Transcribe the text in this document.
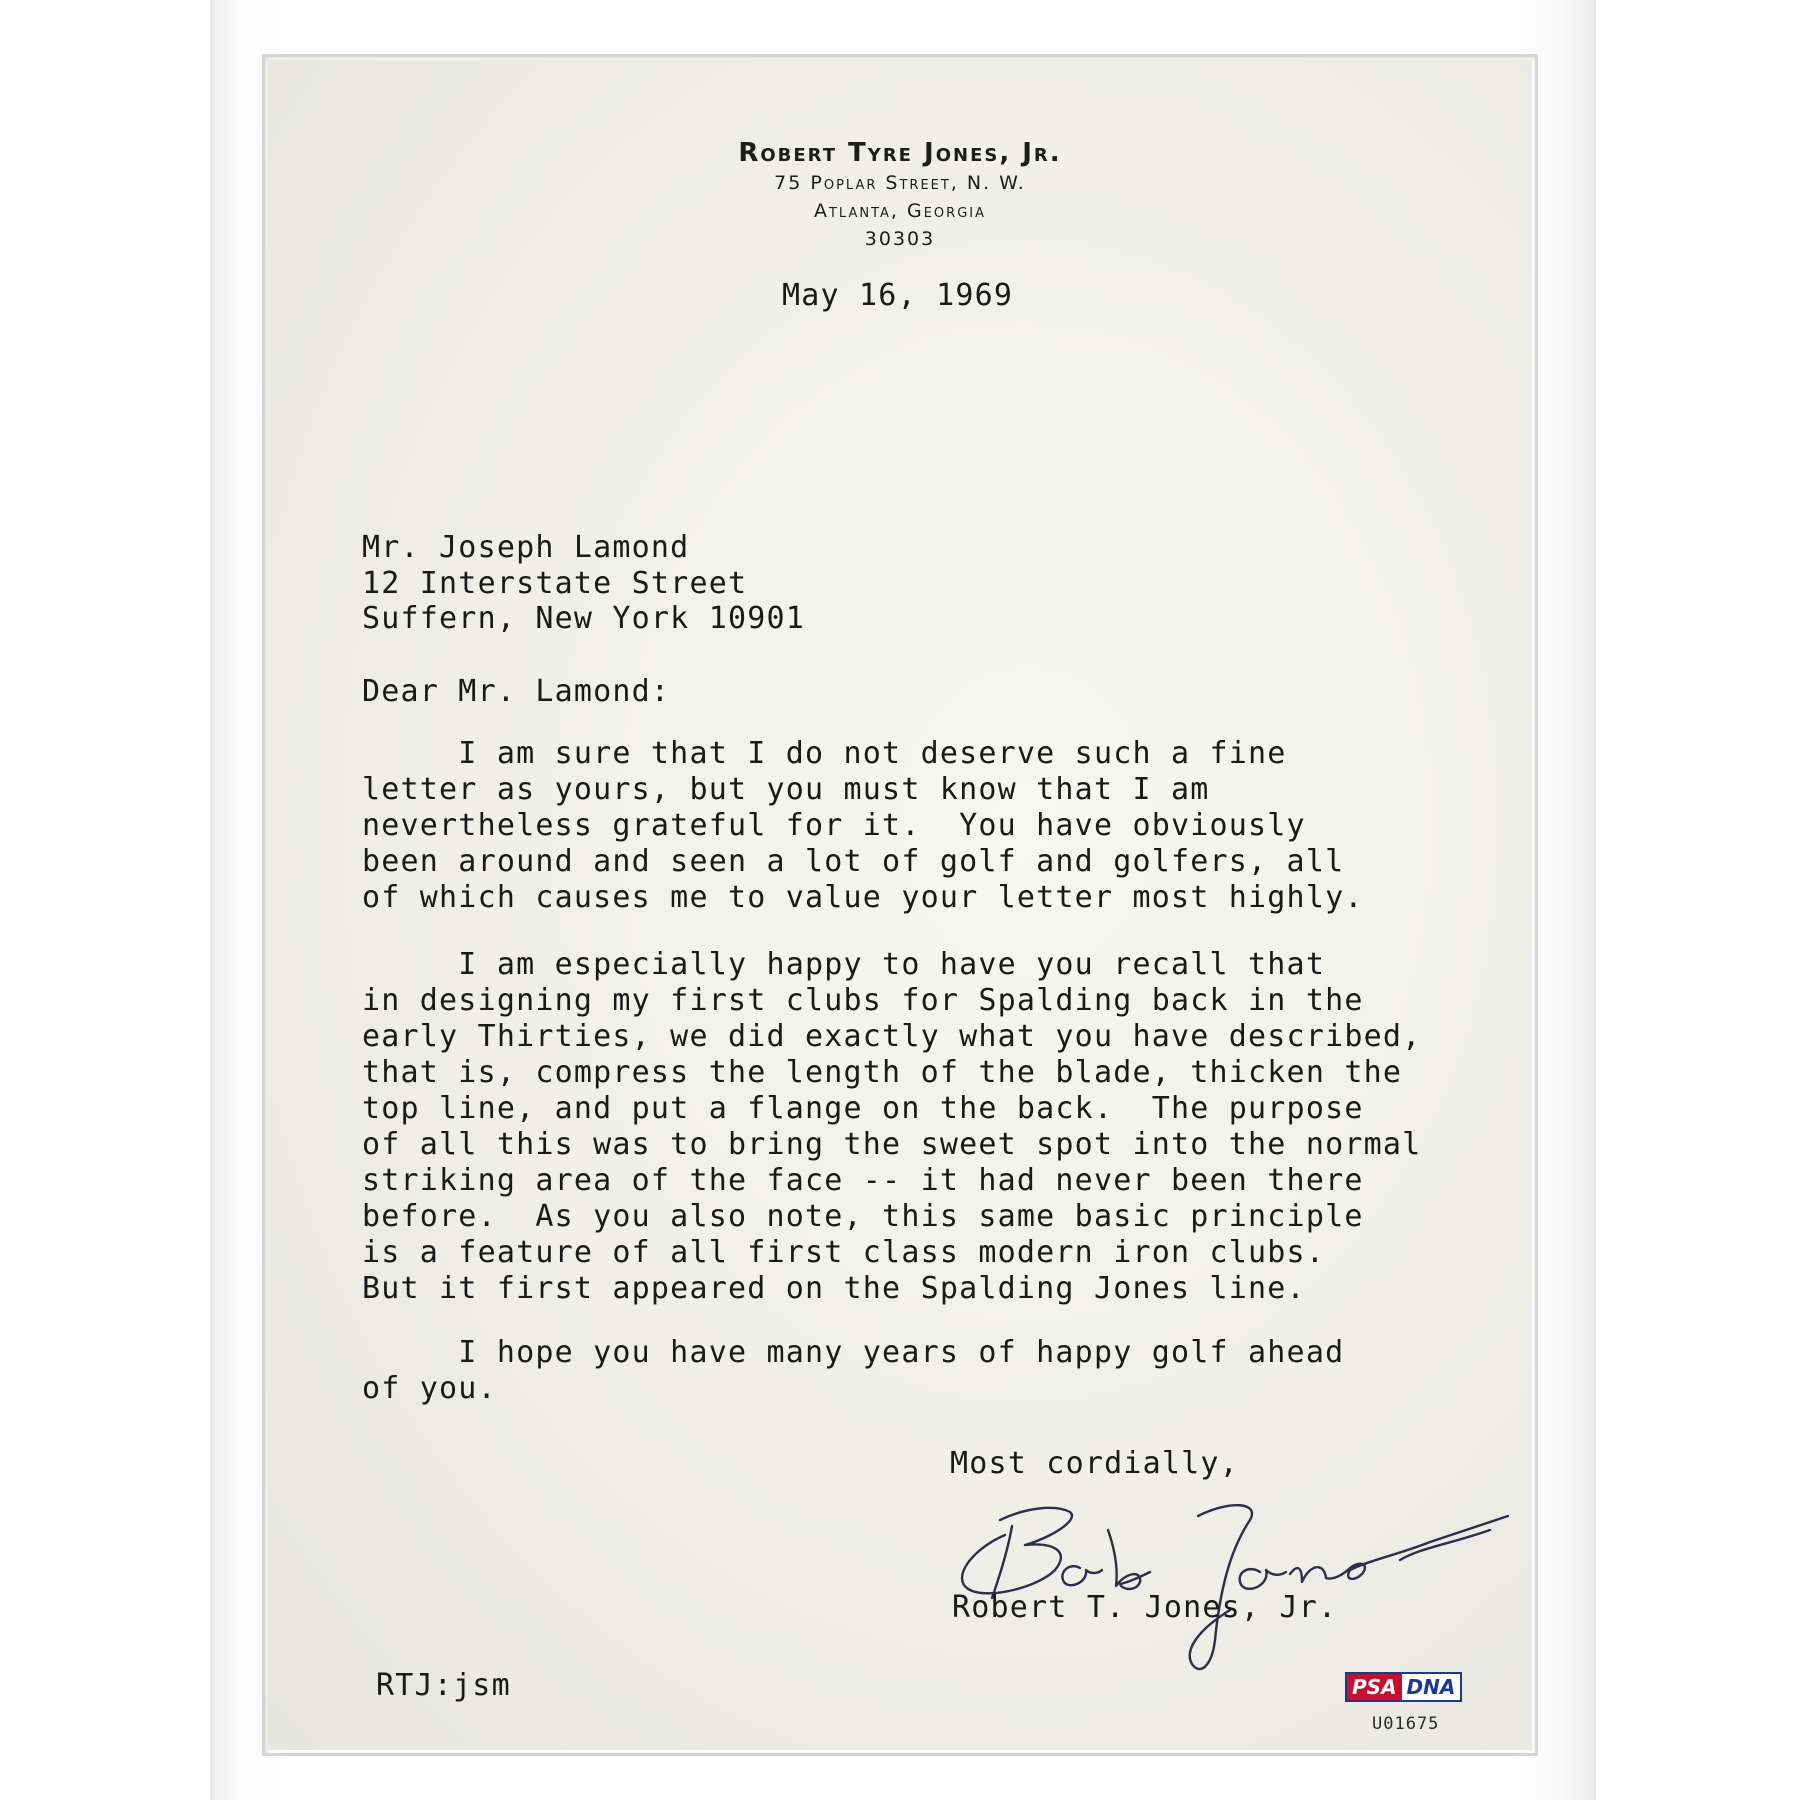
Robert Tyre Jones, Jr.
75 Poplar Street, N. W.
Atlanta, Georgia
30303
May 16, 1969
Mr. Joseph Lamond
12 Interstate Street
Suffern, New York 10901
Dear Mr. Lamond:
I am sure that I do not deserve such a fine
letter as yours, but you must know that I am
nevertheless grateful for it.  You have obviously
been around and seen a lot of golf and golfers, all
of which causes me to value your letter most highly.
I am especially happy to have you recall that
in designing my first clubs for Spalding back in the
early Thirties, we did exactly what you have described,
that is, compress the length of the blade, thicken the
top line, and put a flange on the back.  The purpose
of all this was to bring the sweet spot into the normal
striking area of the face -- it had never been there
before.  As you also note, this same basic principle
is a feature of all first class modern iron clubs.
But it first appeared on the Spalding Jones line.
I hope you have many years of happy golf ahead
of you.
Most cordially,
Robert T. Jones, Jr.
RTJ:jsm	PSA DNA
U01675
